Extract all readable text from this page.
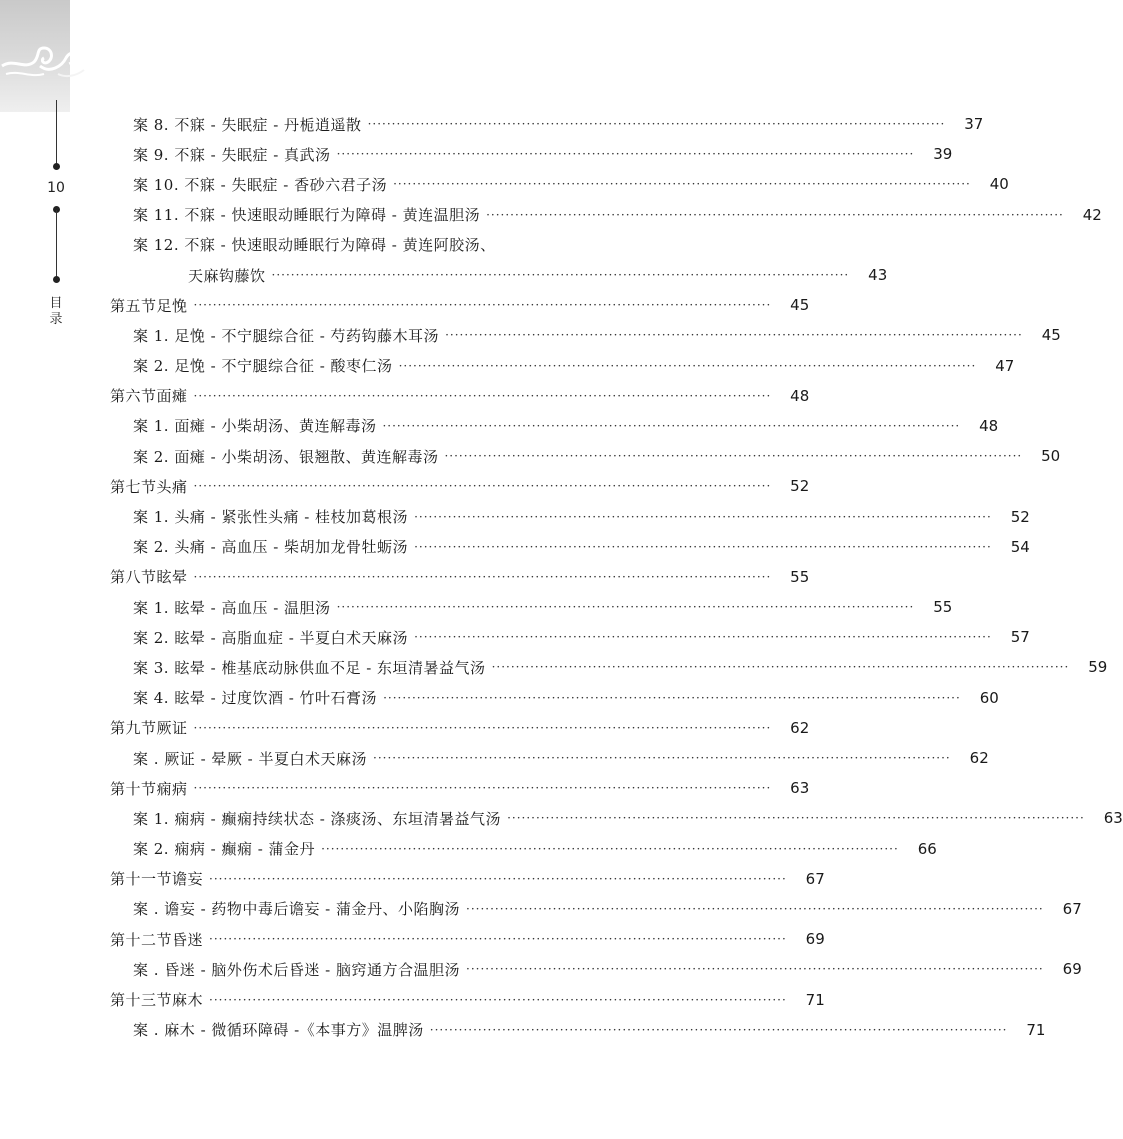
10
目
录
案 8. 不寐 - 失眠症 - 丹栀逍遥散 ························································································································	37
案 9. 不寐 - 失眠症 - 真武汤 ························································································································	39
案 10. 不寐 - 失眠症 - 香砂六君子汤 ························································································································	40
案 11. 不寐 - 快速眼动睡眠行为障碍 - 黄连温胆汤 ························································································································	42
案 12. 不寐 - 快速眼动睡眠行为障碍 - 黄连阿胶汤、
天麻钩藤饮 ························································································································	43
第五节 足悗 ························································································································	45
案 1. 足悗 - 不宁腿综合征 - 芍药钩藤木耳汤 ························································································································	45
案 2. 足悗 - 不宁腿综合征 - 酸枣仁汤 ························································································································	47
第六节 面瘫 ························································································································	48
案 1. 面瘫 - 小柴胡汤、黄连解毒汤 ························································································································	48
案 2. 面瘫 - 小柴胡汤、银翘散、黄连解毒汤 ························································································································	50
第七节 头痛 ························································································································	52
案 1. 头痛 - 紧张性头痛 - 桂枝加葛根汤 ························································································································	52
案 2. 头痛 - 高血压 - 柴胡加龙骨牡蛎汤 ························································································································	54
第八节 眩晕 ························································································································	55
案 1. 眩晕 - 高血压 - 温胆汤 ························································································································	55
案 2. 眩晕 - 高脂血症 - 半夏白术天麻汤 ························································································································	57
案 3. 眩晕 - 椎基底动脉供血不足 - 东垣清暑益气汤 ························································································································	59
案 4. 眩晕 - 过度饮酒 - 竹叶石膏汤 ························································································································	60
第九节 厥证 ························································································································	62
案 . 厥证 - 晕厥 - 半夏白术天麻汤 ························································································································	62
第十节 痫病 ························································································································	63
案 1. 痫病 - 癫痫持续状态 - 涤痰汤、东垣清暑益气汤 ························································································································	63
案 2. 痫病 - 癫痫 - 蒲金丹 ························································································································	66
第十一节 谵妄 ························································································································	67
案 . 谵妄 - 药物中毒后谵妄 - 蒲金丹、小陷胸汤 ························································································································	67
第十二节 昏迷 ························································································································	69
案 . 昏迷 - 脑外伤术后昏迷 - 脑窍通方合温胆汤 ························································································································	69
第十三节 麻木 ························································································································	71
案 . 麻木 - 微循环障碍 -《本事方》温脾汤 ························································································································	71
